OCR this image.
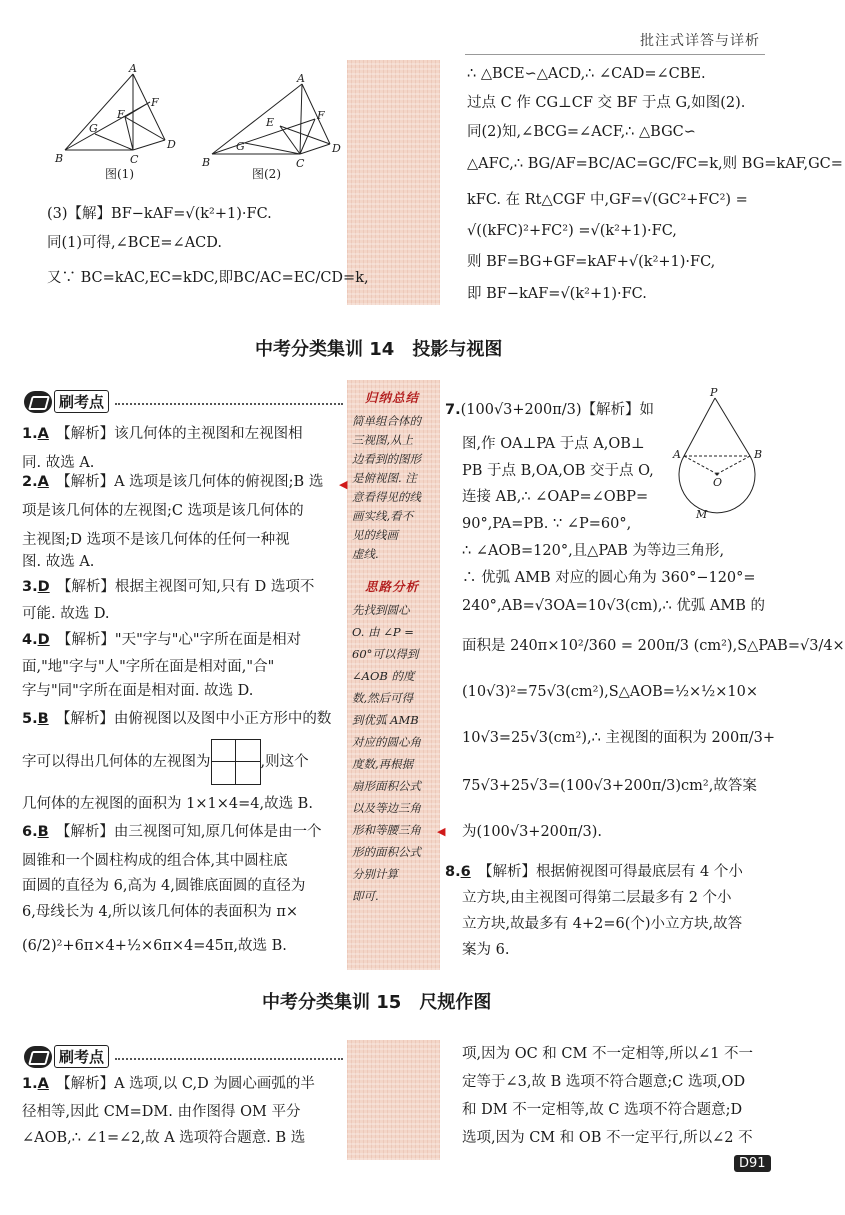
批注式详答与详析
A
B	C
D
E
F
G
图(1)
A
B	C
D
E
F
G
图(2)
(3)【解】BF−kAF=√(k²+1)·FC.
同(1)可得,∠BCE=∠ACD.
又∵ BC=kAC,EC=kDC,即BC/AC=EC/CD=k,
∴ △BCE∽△ACD,∴ ∠CAD=∠CBE.
过点 C 作 CG⊥CF 交 BF 于点 G,如图(2).
同(2)知,∠BCG=∠ACF,∴ △BGC∽
△AFC,∴ BG/AF=BC/AC=GC/FC=k,则 BG=kAF,GC=
kFC. 在 Rt△CGF 中,GF=√(GC²+FC²) =
√((kFC)²+FC²) =√(k²+1)·FC,
则 BF=BG+GF=kAF+√(k²+1)·FC,
即 BF−kAF=√(k²+1)·FC.
中考分类集训 14　投影与视图
刷考点
1.A　 【解析】该几何体的主视图和左视图相
同. 故选 A.
2.A　 【解析】A 选项是该几何体的俯视图;B 选
项是该几何体的左视图;C 选项是该几何体的
主视图;D 选项不是该几何体的任何一种视
图. 故选 A.
◀
3.D　 【解析】根据主视图可知,只有 D 选项不
可能. 故选 D.
4.D　 【解析】"天"字与"心"字所在面是相对
面,"地"字与"人"字所在面是相对面,"合"
字与"同"字所在面是相对面. 故选 D.
5.B　 【解析】由俯视图以及图中小正方形中的数
字可以得出几何体的左视图为	,则这个
几何体的左视图的面积为 1×1×4=4,故选 B.
6.B　 【解析】由三视图可知,原几何体是由一个
圆锥和一个圆柱构成的组合体,其中圆柱底
面圆的直径为 6,高为 4,圆锥底面圆的直径为
6,母线长为 4,所以该几何体的表面积为 π×
(6/2)²+6π×4+½×6π×4=45π,故选 B.
归纳总结
简单组合体的
三视图,从上
边看到的图形
是俯视图. 注
意看得见的线
画实线,看不
见的线画
虚线.
思路分析
先找到圆心
O. 由 ∠P =
60°可以得到
∠AOB 的度
数,然后可得
到优弧 AMB
对应的圆心角
度数,再根据
扇形面积公式
以及等边三角
形和等腰三角
形的面积公式
分别计算
即可.
◀
7.(100√3+200π/3)【解析】如
图,作 OA⊥PA 于点 A,OB⊥
PB 于点 B,OA,OB 交于点 O,
连接 AB,∴ ∠OAP=∠OBP=
90°,PA=PB. ∵ ∠P=60°,
∴ ∠AOB=120°,且△PAB 为等边三角形,
∴ 优弧 AMB 对应的圆心角为 360°−120°=
240°,AB=√3OA=10√3(cm),∴ 优弧 AMB 的
面积是 240π×10²/360 = 200π/3 (cm²),S△PAB=√3/4×
(10√3)²=75√3(cm²),S△AOB=½×½×10×
10√3=25√3(cm²),∴ 主视图的面积为 200π/3+
75√3+25√3=(100√3+200π/3)cm²,故答案
为(100√3+200π/3).
P
A	B
O
M
8.6　 【解析】根据俯视图可得最底层有 4 个小
立方块,由主视图可得第二层最多有 2 个小
立方块,故最多有 4+2=6(个)小立方块,故答
案为 6.
中考分类集训 15　尺规作图
刷考点
1.A　 【解析】A 选项,以 C,D 为圆心画弧的半
径相等,因此 CM=DM. 由作图得 OM 平分
∠AOB,∴ ∠1=∠2,故 A 选项符合题意. B 选
项,因为 OC 和 CM 不一定相等,所以∠1 不一
定等于∠3,故 B 选项不符合题意;C 选项,OD
和 DM 不一定相等,故 C 选项不符合题意;D
选项,因为 CM 和 OB 不一定平行,所以∠2 不
D91
